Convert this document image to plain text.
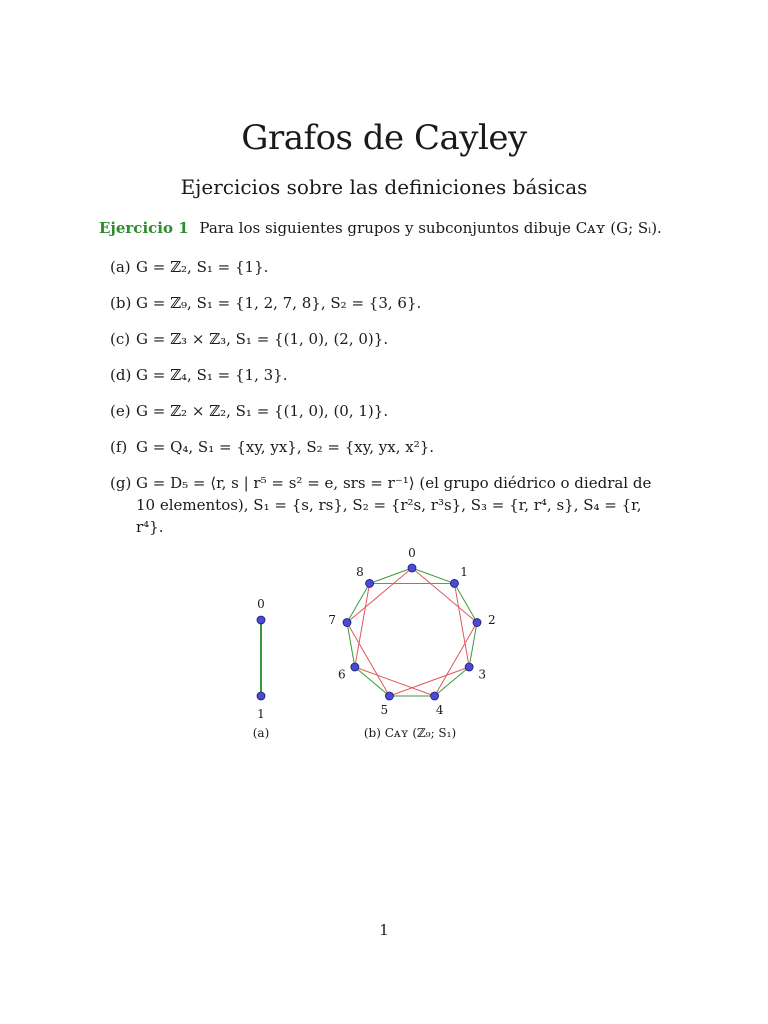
Grafos de Cayley
Ejercicios sobre las definiciones básicas
Ejercicio 1 Para los siguientes grupos y subconjuntos dibuje Cᴀʏ (G; Sᵢ).
(a) G = ℤ₂, S₁ = {1}.
(b) G = ℤ₉, S₁ = {1, 2, 7, 8}, S₂ = {3, 6}.
(c) G = ℤ₃ × ℤ₃, S₁ = {(1, 0), (2, 0)}.
(d) G = ℤ₄, S₁ = {1, 3}.
(e) G = ℤ₂ × ℤ₂, S₁ = {(1, 0), (0, 1)}.
(f) G = Q₄, S₁ = {xy, yx}, S₂ = {xy, yx, x²}.
(g) G = D₅ = ⟨r, s | r⁵ = s² = e, srs = r⁻¹⟩ (el grupo diédrico o diedral de 10 elementos), S₁ = {s, rs}, S₂ = {r²s, r³s}, S₃ = {r, r⁴, s}, S₄ = {r, r⁴}.
0
1
0
1
2
3
4
5
6
7
8
(a)	(b) Cᴀʏ (ℤ₉; S₁)
1
